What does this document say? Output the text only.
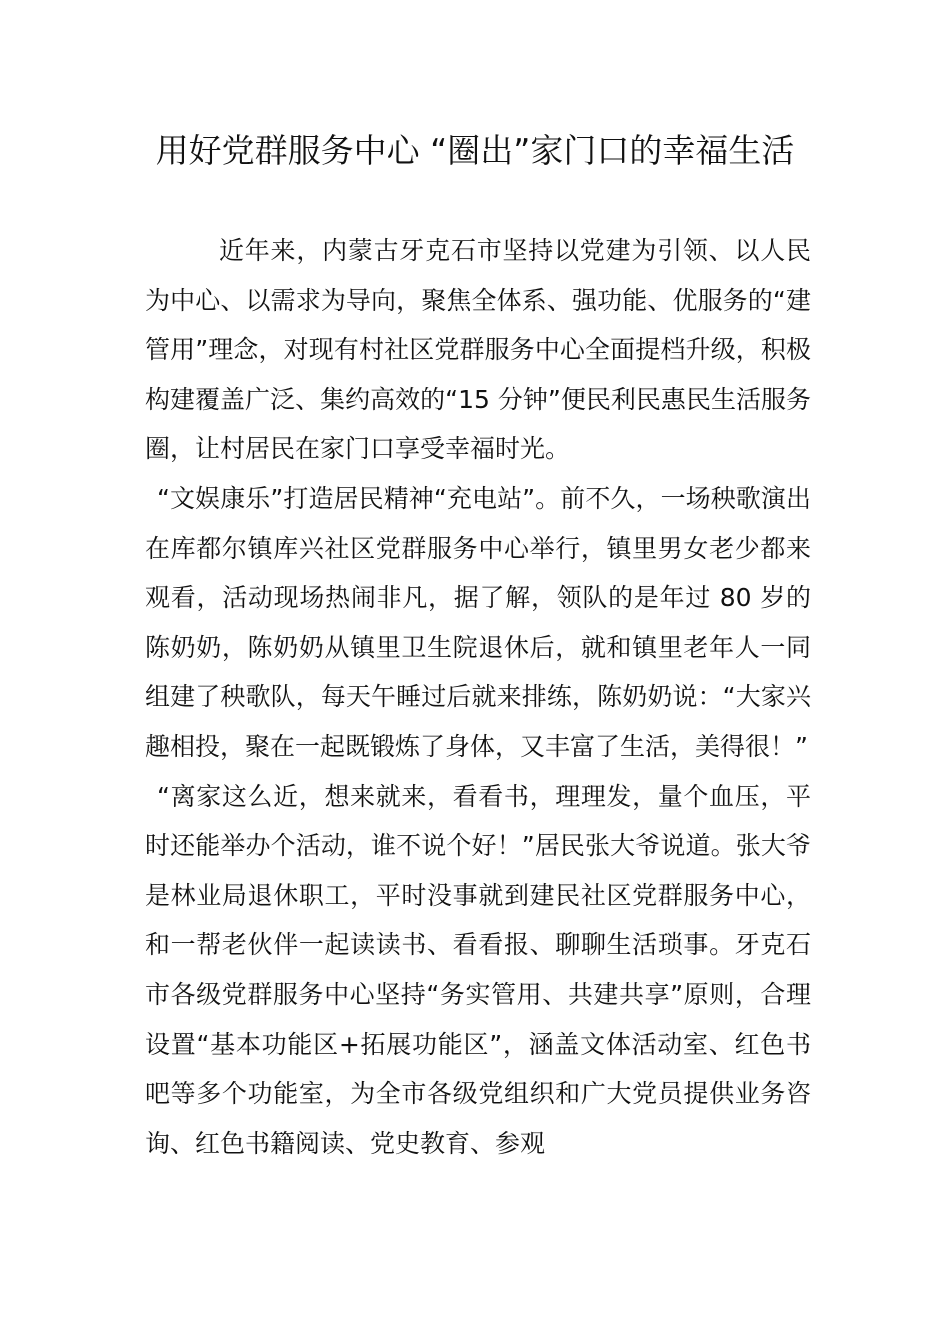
用好党群服务中心 “圈出”家门口的幸福生活

近年来，内蒙古牙克石市坚持以党建为引领、以人民为中心、以需求为导向，聚焦全体系、强功能、优服务的“建管用”理念，对现有村社区党群服务中心全面提档升级，积极构建覆盖广泛、集约高效的“15 分钟”便民利民惠民生活服务圈，让村居民在家门口享受幸福时光。

“文娱康乐”打造居民精神“充电站”。前不久，一场秧歌演出在库都尔镇库兴社区党群服务中心举行，镇里男女老少都来观看，活动现场热闹非凡，据了解，领队的是年过 80 岁的陈奶奶，陈奶奶从镇里卫生院退休后，就和镇里老年人一同组建了秧歌队，每天午睡过后就来排练，陈奶奶说：“大家兴趣相投，聚在一起既锻炼了身体，又丰富了生活，美得很！”

“离家这么近，想来就来，看看书，理理发，量个血压，平时还能举办个活动，谁不说个好！”居民张大爷说道。张大爷是林业局退休职工，平时没事就到建民社区党群服务中心，和一帮老伙伴一起读读书、看看报、聊聊生活琐事。牙克石市各级党群服务中心坚持“务实管用、共建共享”原则，合理设置“基本功能区+拓展功能区”，涵盖文体活动室、红色书吧等多个功能室，为全市各级党组织和广大党员提供业务咨询、红色书籍阅读、党史教育、参观
